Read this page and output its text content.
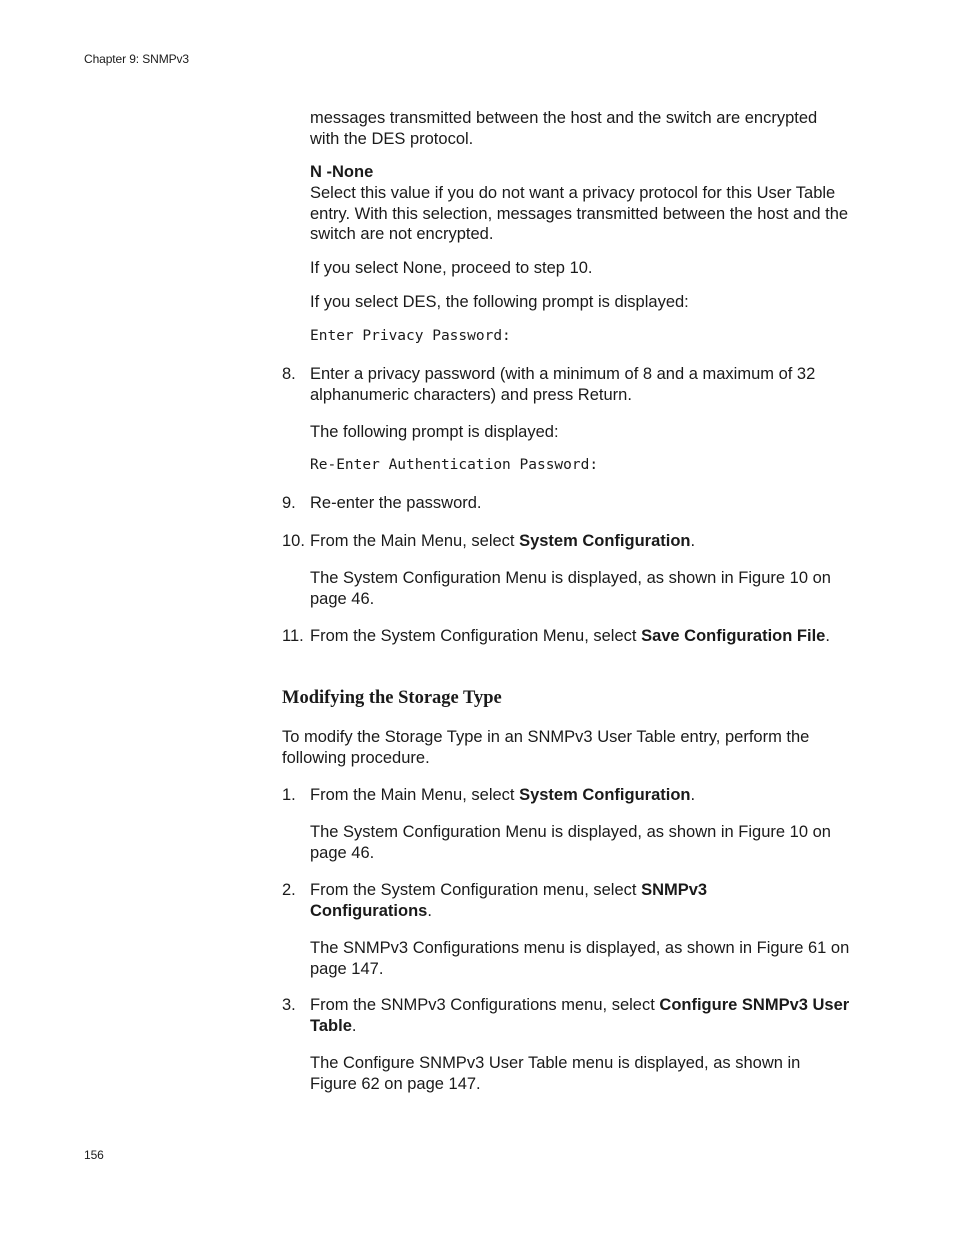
Chapter 9: SNMPv3
messages transmitted between the host and the switch are encrypted with the DES protocol.
N -None
Select this value if you do not want a privacy protocol for this User Table entry. With this selection, messages transmitted between the host and the switch are not encrypted.
If you select None, proceed to step 10.
If you select DES, the following prompt is displayed:
Enter Privacy Password:
8. Enter a privacy password (with a minimum of 8 and a maximum of 32 alphanumeric characters) and press Return.
The following prompt is displayed:
Re-Enter Authentication Password:
9. Re-enter the password.
10. From the Main Menu, select System Configuration.
The System Configuration Menu is displayed, as shown in Figure 10 on page 46.
11. From the System Configuration Menu, select Save Configuration File.
Modifying the Storage Type
To modify the Storage Type in an SNMPv3 User Table entry, perform the following procedure.
1. From the Main Menu, select System Configuration.
The System Configuration Menu is displayed, as shown in Figure 10 on page 46.
2. From the System Configuration menu, select SNMPv3 Configurations.
The SNMPv3 Configurations menu is displayed, as shown in Figure 61 on page 147.
3. From the SNMPv3 Configurations menu, select Configure SNMPv3 User Table.
The Configure SNMPv3 User Table menu is displayed, as shown in Figure 62 on page 147.
156
